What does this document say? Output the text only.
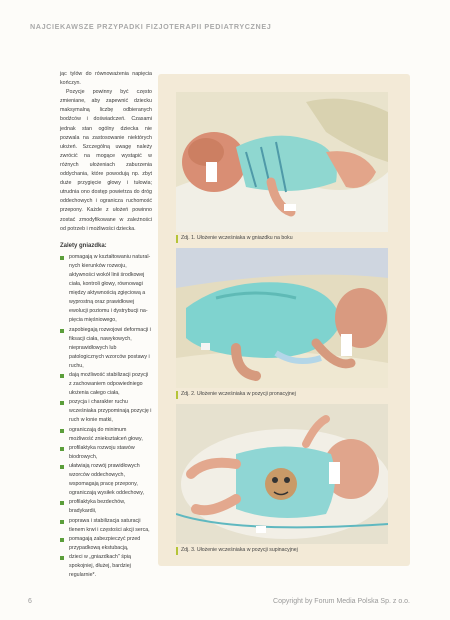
NAJCIEKAWSZE PRZYPADKI FIZJOTERAPII PEDIATRYCZNEJ

jąc tylów do równoważenia napięcia kończyn.

Pozycje powinny być często zmieniane, aby zapewnić dziecku maksymalną liczbę odbieranych bodźców i doświadczeń. Czasami jednak stan ogólny dziecka nie pozwala na zastosowanie niektórych ułożeń. Szczególną uwagę należy zwrócić na mogące wystąpić w różnych ułożeniach zaburzenia oddychania, które powodują np. zbyt duże przygięcie głowy i tułowia; utrudnia ono dostęp powietrza do dróg oddechowych i ogranicza ruchomość przepony. Każde z ułożeń powinno zostać zmodyfikowane w zależności od potrzeb i możliwości dziecka.

Zalety gniazdka:

pomagają w kształtowaniu naturalnych kierunków rozwoju, aktywności wokół linii środkowej ciała, kontroli głowy, równowagi między aktywnością zgięciową a wyprostną oraz prawidłowej ewolucji poziomu i dystrybucji napięcia mięśniowego,
zapobiegają rozwojowi deformacji i fiksacji ciała, nawykowych, nieprawidłowych lub patologicznych wzorców postawy i ruchu,
dają możliwość stabilizacji pozycji z zachowaniem odpowiedniego ułożenia całego ciała,
pozycja i charakter ruchu wcześniaka przypominają pozycję i ruch w łonie matki,
ograniczają do minimum możliwość zniekształceń głowy,
profilaktyka rozwoju stawów biodrowych,
ułatwiają rozwój prawidłowych wzorców oddechowych, wspomagają pracę przepony, ograniczają wysiłek oddechowy,
profilaktyka bezdechów, bradykardii,
poprawa i stabilizacja saturacji tlenem krwi i częstości akcji serca,
pomagają zabezpieczyć przed przypadkową ekstubacją,
dzieci w „gniazdkach" śpią spokojniej, dłużej, bardziej regularnie*.
Zdj. 1. Ułożenie wcześniaka w gniazdku na boku
Zdj. 2. Ułożenie wcześniaka w pozycji pronacyjnej
Zdj. 3. Ułożenie wcześniaka w pozycji supinacyjnej
6	Copyright by Forum Media Polska Sp. z o.o.
